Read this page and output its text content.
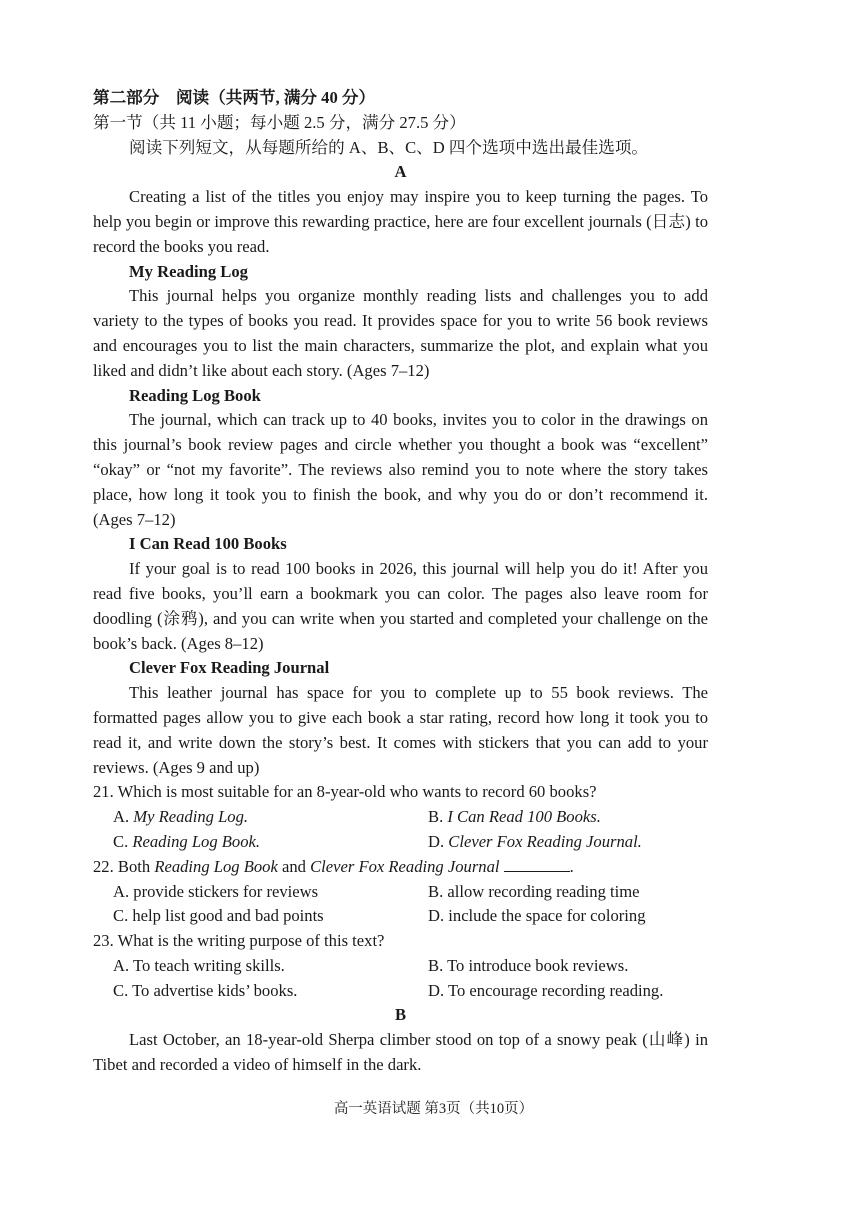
第二部分　阅读（共两节, 满分 40 分）
第一节（共 11 小题；每小题 2.5 分，满分 27.5 分）
阅读下列短文，从每题所给的 A、B、C、D 四个选项中选出最佳选项。
A

Creating a list of the titles you enjoy may inspire you to keep turning the pages. To help you begin or improve this rewarding practice, here are four excellent journals (日志) to record the books you read.

My Reading Log

This journal helps you organize monthly reading lists and challenges you to add variety to the types of books you read. It provides space for you to write 56 book reviews and encourages you to list the main characters, summarize the plot, and explain what you liked and didn’t like about each story. (Ages 7–12)

Reading Log Book

The journal, which can track up to 40 books, invites you to color in the drawings on this journal’s book review pages and circle whether you thought a book was “excellent” “okay” or “not my favorite”. The reviews also remind you to note where the story takes place, how long it took you to finish the book, and why you do or don’t recommend it. (Ages 7–12)

I Can Read 100 Books

If your goal is to read 100 books in 2026, this journal will help you do it! After you read five books, you’ll earn a bookmark you can color. The pages also leave room for doodling (涂鸦), and you can write when you started and completed your challenge on the book’s back. (Ages 8–12)

Clever Fox Reading Journal

This leather journal has space for you to complete up to 55 book reviews. The formatted pages allow you to give each book a star rating, record how long it took you to read it, and write down the story’s best. It comes with stickers that you can add to your reviews. (Ages 9 and up)

21. Which is most suitable for an 8-year-old who wants to record 60 books?
A. My Reading Log.	B. I Can Read 100 Books.
C. Reading Log Book.	D. Clever Fox Reading Journal.
22. Both Reading Log Book and Clever Fox Reading Journal	.
A. provide stickers for reviews	B. allow recording reading time
C. help list good and bad points	D. include the space for coloring
23. What is the writing purpose of this text?
A. To teach writing skills.	B. To introduce book reviews.
C. To advertise kids’ books.	D. To encourage recording reading.
B

Last October, an 18-year-old Sherpa climber stood on top of a snowy peak (山峰) in Tibet and recorded a video of himself in the dark.

高一英语试题 第3页（共10页）
